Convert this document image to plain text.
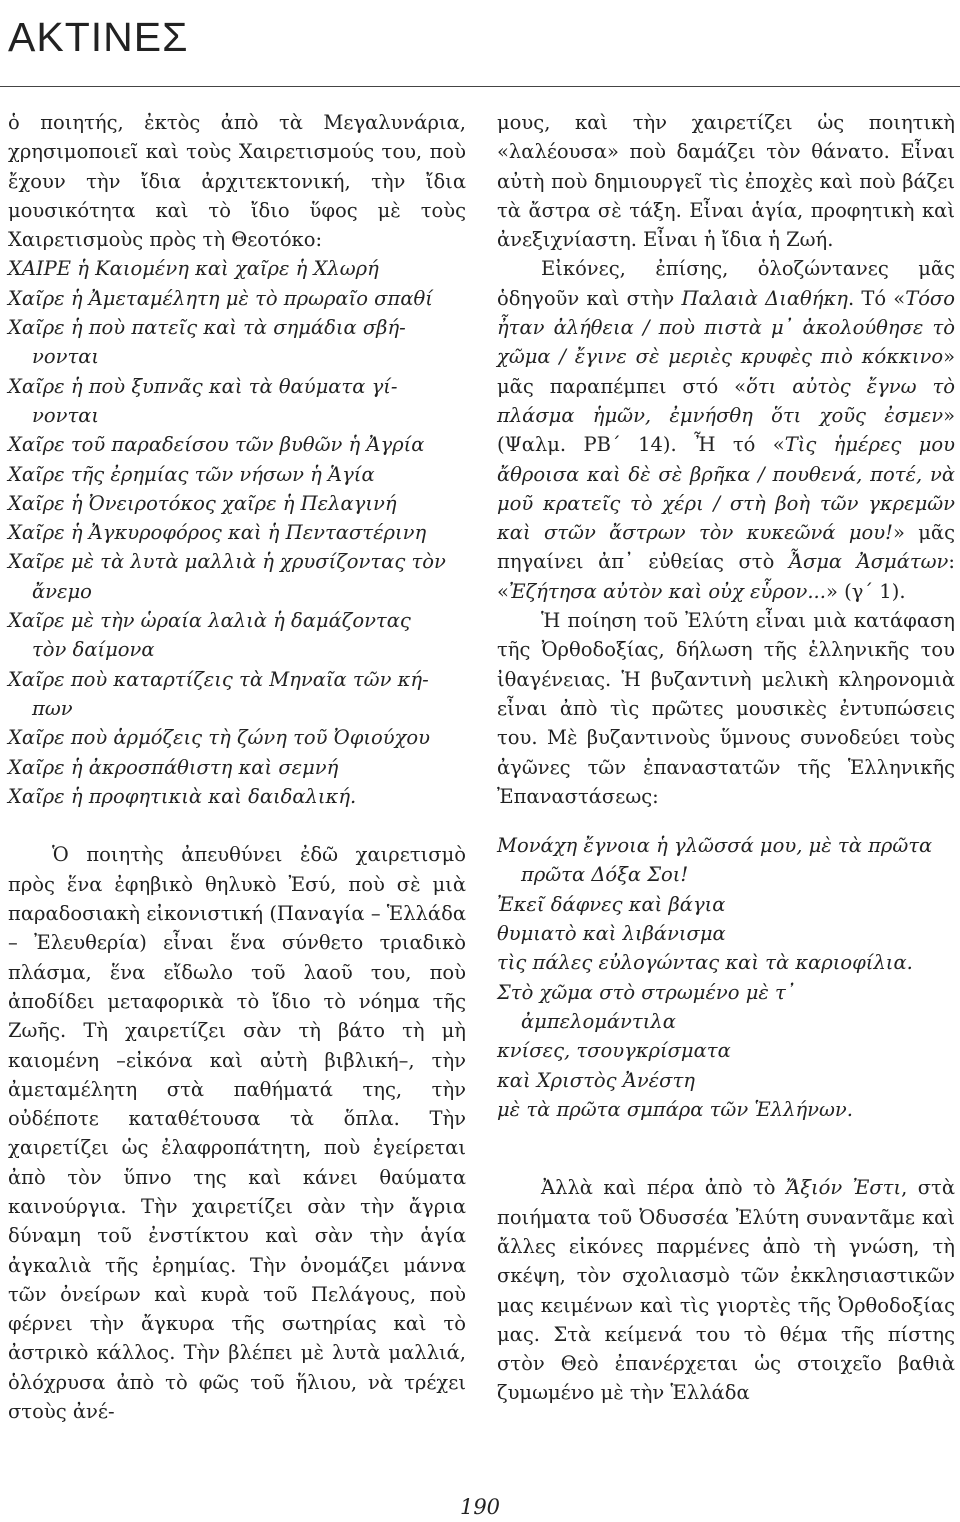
ΑΚΤΙΝΕΣ

ὁ ποιητής, ἐκτὸς ἀπὸ τὰ Μεγαλυνάρια, χρησιμοποιεῖ καὶ τοὺς Χαιρετισμούς του, ποὺ ἔχουν τὴν ἴδια ἀρχιτεκτονική, τὴν ἴδια μουσικότητα καὶ τὸ ἴδιο ὕφος μὲ τοὺς Χαιρετισμοὺς πρὸς τὴ Θεοτόκο:

ΧΑΙΡΕ ἡ Καιομένη καὶ χαῖρε ἡ Χλωρή

Χαῖρε ἡ Ἀμεταμέλητη μὲ τὸ πρωραῖο σπαθί

Χαῖρε ἡ ποὺ πατεῖς καὶ τὰ σημάδια σβή-

νονται

Χαῖρε ἡ ποὺ ξυπνᾶς καὶ τὰ θαύματα γί-

νονται

Χαῖρε τοῦ παραδείσου τῶν βυθῶν ἡ Ἀγρία

Χαῖρε τῆς ἐρημίας τῶν νήσων ἡ Ἁγία

Χαῖρε ἡ Ὀνειροτόκος χαῖρε ἡ Πελαγινή

Χαῖρε ἡ Ἀγκυροφόρος καὶ ἡ Πενταστέρινη

Χαῖρε μὲ τὰ λυτὰ μαλλιὰ ἡ χρυσίζοντας τὸν

ἄνεμο

Χαῖρε μὲ τὴν ὡραία λαλιὰ ἡ δαμάζοντας

τὸν δαίμονα

Χαῖρε ποὺ καταρτίζεις τὰ Μηναῖα τῶν κή-

πων

Χαῖρε ποὺ ἁρμόζεις τὴ ζώνη τοῦ Ὀφιούχου

Χαῖρε ἡ ἀκροσπάθιστη καὶ σεμνή

Χαῖρε ἡ προφητικιὰ καὶ δαιδαλική.

Ὁ ποιητὴς ἀπευθύνει ἐδῶ χαιρετισμὸ πρὸς ἕνα ἐφηβικὸ θηλυκὸ Ἐσύ, ποὺ σὲ μιὰ παραδοσιακὴ εἰκονιστική (Παναγία – Ἑλλάδα – Ἐλευθερία) εἶναι ἕνα σύνθετο τριαδικὸ πλάσμα, ἕνα εἴδωλο τοῦ λαοῦ του, ποὺ ἀποδίδει μεταφορικὰ τὸ ἴδιο τὸ νόημα τῆς Ζωῆς. Τὴ χαιρετίζει σὰν τὴ βάτο τὴ μὴ καιομένη –εἰκόνα καὶ αὐτὴ βιβλική–, τὴν ἀμεταμέλητη στὰ παθήματά της, τὴν οὐδέποτε καταθέτουσα τὰ ὅπλα. Τὴν χαιρετίζει ὡς ἐλαφροπάτητη, ποὺ ἐγείρεται ἀπὸ τὸν ὕπνο της καὶ κάνει θαύματα καινούργια. Τὴν χαιρετίζει σὰν τὴν ἄγρια δύναμη τοῦ ἐνστίκτου καὶ σὰν τὴν ἁγία ἀγκαλιὰ τῆς ἐρημίας. Τὴν ὀνομάζει μάννα τῶν ὀνείρων καὶ κυρὰ τοῦ Πελάγους, ποὺ φέρνει τὴν ἄγκυρα τῆς σωτηρίας καὶ τὸ ἀστρικὸ κάλλος. Τὴν βλέπει μὲ λυτὰ μαλλιά, ὁλόχρυσα ἀπὸ τὸ φῶς τοῦ ἥλιου, νὰ τρέχει στοὺς ἀνέ-

μους, καὶ τὴν χαιρετίζει ὡς ποιητικὴ «λαλέουσα» ποὺ δαμάζει τὸν θάνατο. Εἶναι αὐτὴ ποὺ δημιουργεῖ τὶς ἐποχὲς καὶ ποὺ βάζει τὰ ἄστρα σὲ τάξη. Εἶναι ἁγία, προφητικὴ καὶ ἀνεξιχνίαστη. Εἶναι ἡ ἴδια ἡ Ζωή.

Εἰκόνες, ἐπίσης, ὁλοζώντανες μᾶς ὁδηγοῦν καὶ στὴν Παλαιὰ Διαθήκη. Τό «Τόσο ἦταν ἀλήθεια / ποὺ πιστὰ μ᾿ ἀκολούθησε τὸ χῶμα / ἔγινε σὲ μεριὲς κρυφὲς πιὸ κόκκινο» μᾶς παραπέμπει στό «ὅτι αὐτὸς ἔγνω τὸ πλάσμα ἡμῶν, ἐμνήσθη ὅτι χοῦς ἐσμεν» (Ψαλμ. ΡΒ´ 14). Ἦ τό «Τὶς ἡμέρες μου ἄθροισα καὶ δὲ σὲ βρῆκα / πουθενά, ποτέ, νὰ μοῦ κρατεῖς τὸ χέρι / στὴ βοὴ τῶν γκρεμῶν καὶ στῶν ἄστρων τὸν κυκεῶνά μου!» μᾶς πηγαίνει ἀπ᾿ εὐθείας στὸ Ἆσμα Ἀσμάτων: «Ἐζήτησα αὐτὸν καὶ οὐχ εὗρον...» (γ´ 1).

Ἡ ποίηση τοῦ Ἐλύτη εἶναι μιὰ κατάφαση τῆς Ὀρθοδοξίας, δήλωση τῆς ἑλληνικῆς του ἰθαγένειας. Ἡ βυζαντινὴ μελικὴ κληρονομιὰ εἶναι ἀπὸ τὶς πρῶτες μουσικὲς ἐντυπώσεις του. Μὲ βυζαντινοὺς ὕμνους συνοδεύει τοὺς ἀγῶνες τῶν ἐπαναστατῶν τῆς Ἑλληνικῆς Ἐπαναστάσεως:

Μονάχη ἔγνοια ἡ γλῶσσά μου, μὲ τὰ πρῶτα

πρῶτα Δόξα Σοι!

Ἐκεῖ δάφνες καὶ βάγια

θυμιατὸ καὶ λιβάνισμα

τὶς πάλες εὐλογώντας καὶ τὰ καριοφίλια.

Στὸ χῶμα στὸ στρωμένο μὲ τ᾿

ἀμπελομάντιλα

κνίσες, τσουγκρίσματα

καὶ Χριστὸς Ἀνέστη

μὲ τὰ πρῶτα σμπάρα τῶν Ἑλλήνων.

Ἀλλὰ καὶ πέρα ἀπὸ τὸ Ἄξιόν Ἐστι, στὰ ποιήματα τοῦ Ὀδυσσέα Ἐλύτη συναντᾶμε καὶ ἄλλες εἰκόνες παρμένες ἀπὸ τὴ γνώση, τὴ σκέψη, τὸν σχολιασμὸ τῶν ἐκκλησιαστικῶν μας κειμένων καὶ τὶς γιορτὲς τῆς Ὀρθοδοξίας μας. Στὰ κείμενά του τὸ θέμα τῆς πίστης στὸν Θεὸ ἐπανέρχεται ὡς στοιχεῖο βαθιὰ ζυμωμένο μὲ τὴν Ἑλλάδα

190
